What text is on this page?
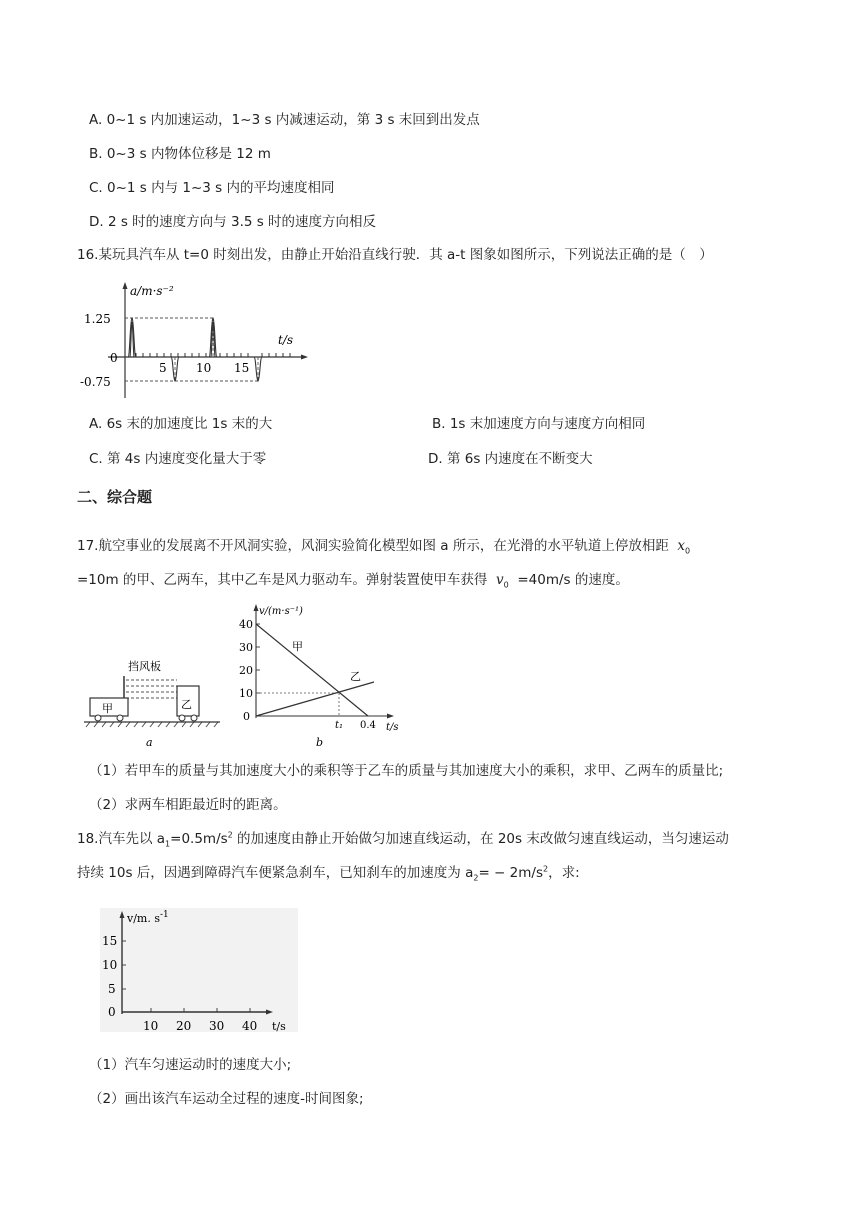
A. 0~1 s 内加速运动，1~3 s 内减速运动，第 3 s 末回到出发点
B. 0~3 s 内物体位移是 12 m
C. 0~1 s 内与 1~3 s 内的平均速度相同
D. 2 s 时的速度方向与 3.5 s 时的速度方向相反
16.某玩具汽车从 t=0 时刻出发，由静止开始沿直线行驶．其 a-t 图象如图所示，下列说法正确的是（　）
a/m·s⁻²
t/s
1.25
0
-0.75
5 10 15
A. 6s 末的加速度比 1s 末的大	B. 1s 末加速度方向与速度方向相同
C. 第 4s 内速度变化量大于零	D. 第 6s 内速度在不断变大
二、综合题
17.航空事业的发展离不开风洞实验，风洞实验简化模型如图 a 所示，在光滑的水平轨道上停放相距 $x_0$
=10m 的甲、乙两车，其中乙车是风力驱动车。弹射装置使甲车获得 $v_0 =40m/s$ 的速度。
挡风板
甲	乙
a
v/(m·s⁻¹)
t/s
40
30
20
10
0
甲
乙
t₁ 0.4
b
（1）若甲车的质量与其加速度大小的乘积等于乙车的质量与其加速度大小的乘积，求甲、乙两车的质量比;
（2）求两车相距最近时的距离。
18.汽车先以 $a_1=0.5m/s^2$ 的加速度由静止开始做匀加速直线运动，在 20s 末改做匀速直线运动，当匀速运动
持续 10s 后，因遇到障碍汽车便紧急刹车，已知刹车的加速度为 $a_2= - 2m/s^2$，求:
v/m. $s^{-1}$
t/s
15
10
5
0
10 20 30 40
（1）汽车匀速运动时的速度大小;
（2）画出该汽车运动全过程的速度-时间图象;
